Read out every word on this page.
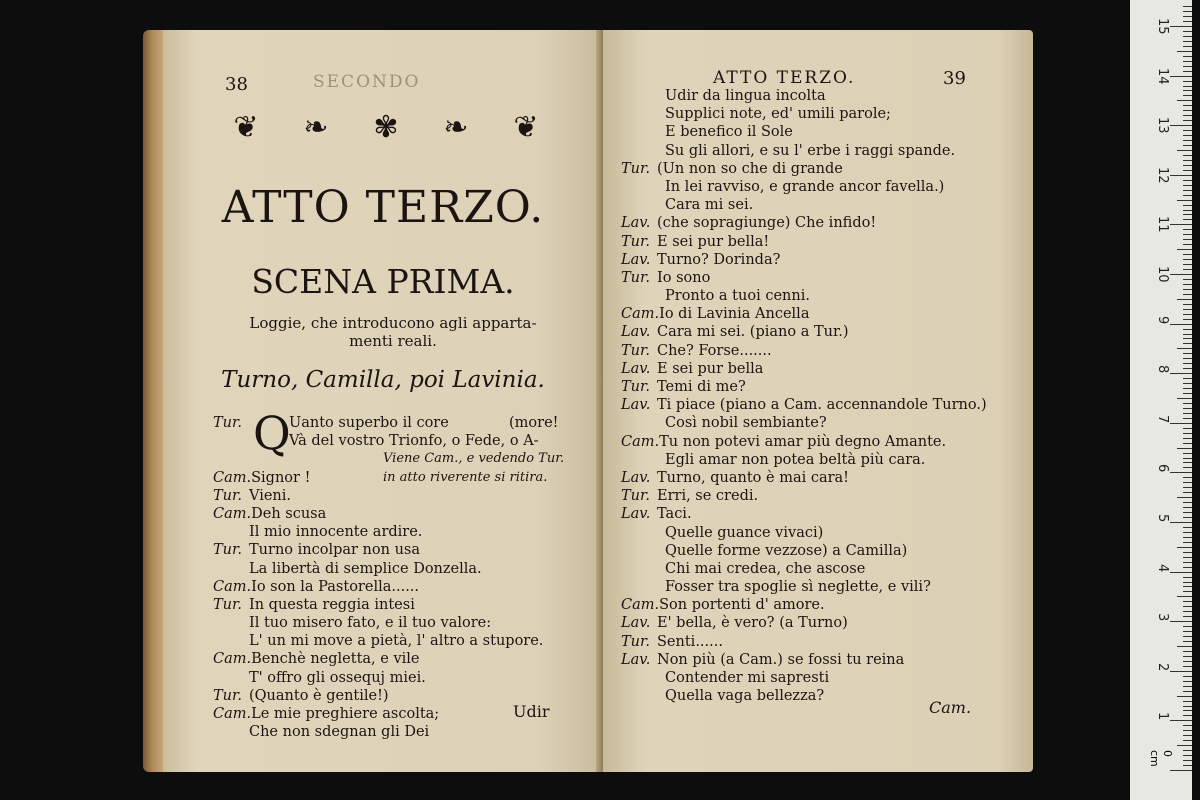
38	SECONDO
❦ ❧ ✾ ❧ ❦
ATTO TERZO.
SCENA PRIMA.
Loggie, che introducono agli apparta-
menti reali.
Turno, Camilla, poi Lavinia.
Q
Tur.	Uanto superbo il core	(more!
Và del vostro Trionfo, o Fede, o A-
Viene Cam., e vedendo Tur.
Cam.Signor !	in atto riverente si ritira.
Tur. Vieni.
Cam.Deh scusa
Il mio innocente ardire.
Tur. Turno incolpar non usa
La libertà di semplice Donzella.
Cam.Io son la Pastorella......
Tur. In questa reggia intesi
Il tuo misero fato, e il tuo valore:
L' un mi move a pietà, l' altro a stupore.
Cam.Benchè negletta, e vile
T' offro gli ossequj miei.
Tur. (Quanto è gentile!)
Cam.Le mie preghiere ascolta;
Che non sdegnan gli Dei
Udir
ATTO TERZO.	39
Udir da lingua incolta
Supplici note, ed' umili parole;
E benefico il Sole
Su gli allori, e su l' erbe i raggi spande.
Tur. (Un non so che di grande
In lei ravviso, e grande ancor favella.)
Cara mi sei.
Lav. (che sopragiunge) Che infido!
Tur. E sei pur bella!
Lav. Turno? Dorinda?
Tur. Io sono
Pronto a tuoi cenni.
Cam.Io di Lavinia Ancella
Lav. Cara mi sei. (piano a Tur.)
Tur. Che? Forse.......
Lav. E sei pur bella
Tur. Temi di me?
Lav. Ti piace (piano a Cam. accennandole Turno.)
Così nobil sembiante?
Cam.Tu non potevi amar più degno Amante.
Egli amar non potea beltà più cara.
Lav. Turno, quanto è mai cara!
Tur. Erri, se credi.
Lav. Taci.
Quelle guance vivaci)
Quelle forme vezzose) a Camilla)
Chi mai credea, che ascose
Fosser tra spoglie sì neglette, e vili?
Cam.Son portenti d' amore.
Lav. E' bella, è vero? (a Turno)
Tur. Senti......
Lav. Non più (a Cam.) se fossi tu reina
Contender mi sapresti
Quella vaga bellezza?
Cam.
0 cm
1
2
3
4
5
6
7
8
9
10
11
12
13
14
15
